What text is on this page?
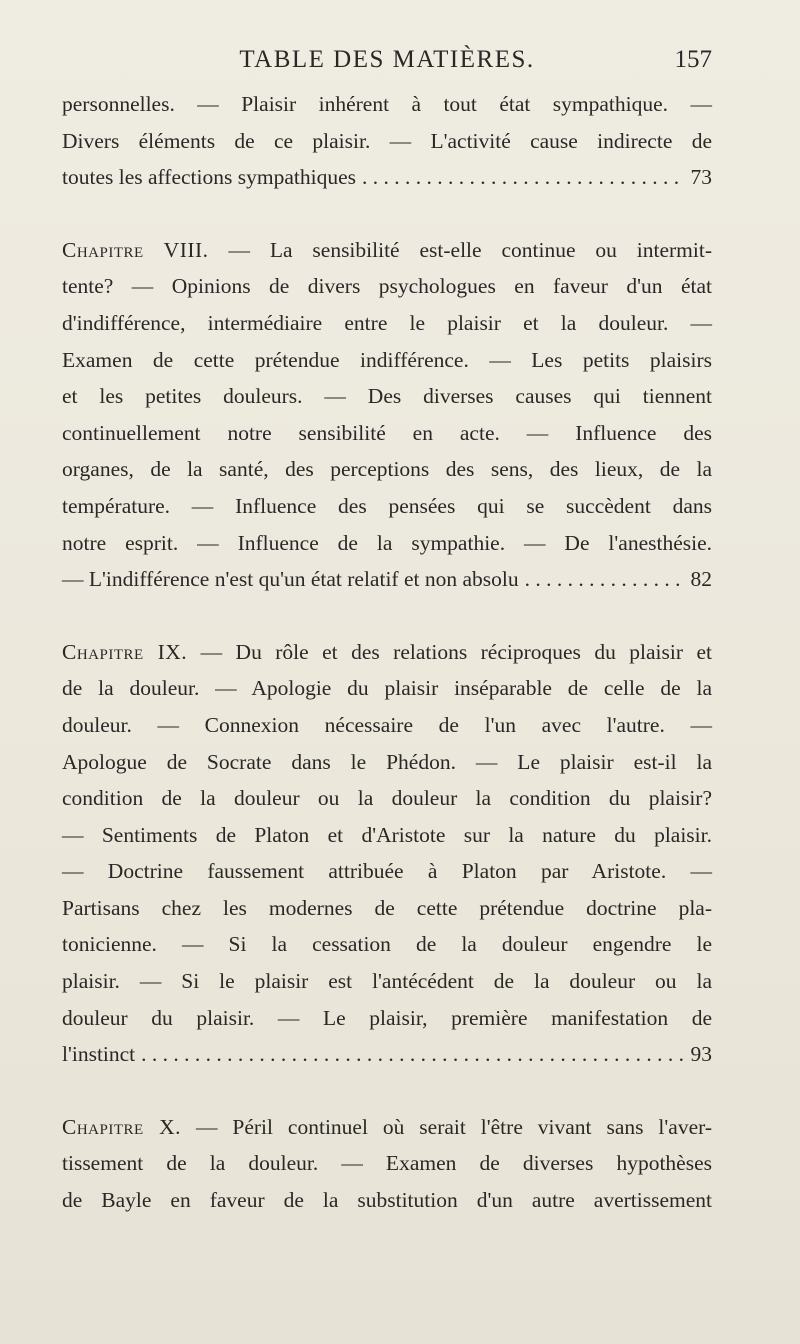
TABLE DES MATIÈRES.	157
personnelles. — Plaisir inhérent à tout état sympathique. —
Divers éléments de ce plaisir. — L'activité cause indirecte de
toutes les affections sympathiques . . .	73
Chapitre VIII. — La sensibilité est-elle continue ou intermit-
tente? — Opinions de divers psychologues en faveur d'un état
d'indifférence, intermédiaire entre le plaisir et la douleur. —
Examen de cette prétendue indifférence. — Les petits plaisirs
et les petites douleurs. — Des diverses causes qui tiennent
continuellement notre sensibilité en acte. — Influence des
organes, de la santé, des perceptions des sens, des lieux, de la
température. — Influence des pensées qui se succèdent dans
notre esprit. — Influence de la sympathie. — De l'anesthésie.
— L'indifférence n'est qu'un état relatif et non absolu . . .	82
Chapitre IX. — Du rôle et des relations réciproques du plaisir et
de la douleur. — Apologie du plaisir inséparable de celle de la
douleur. — Connexion nécessaire de l'un avec l'autre. —
Apologue de Socrate dans le Phédon. — Le plaisir est-il la
condition de la douleur ou la douleur la condition du plaisir?
— Sentiments de Platon et d'Aristote sur la nature du plaisir.
— Doctrine faussement attribuée à Platon par Aristote. —
Partisans chez les modernes de cette prétendue doctrine pla-
tonicienne. — Si la cessation de la douleur engendre le
plaisir. — Si le plaisir est l'antécédent de la douleur ou la
douleur du plaisir. — Le plaisir, première manifestation de
l'instinct . . .	93
Chapitre X. — Péril continuel où serait l'être vivant sans l'aver-
tissement de la douleur. — Examen de diverses hypothèses
de Bayle en faveur de la substitution d'un autre avertissement
